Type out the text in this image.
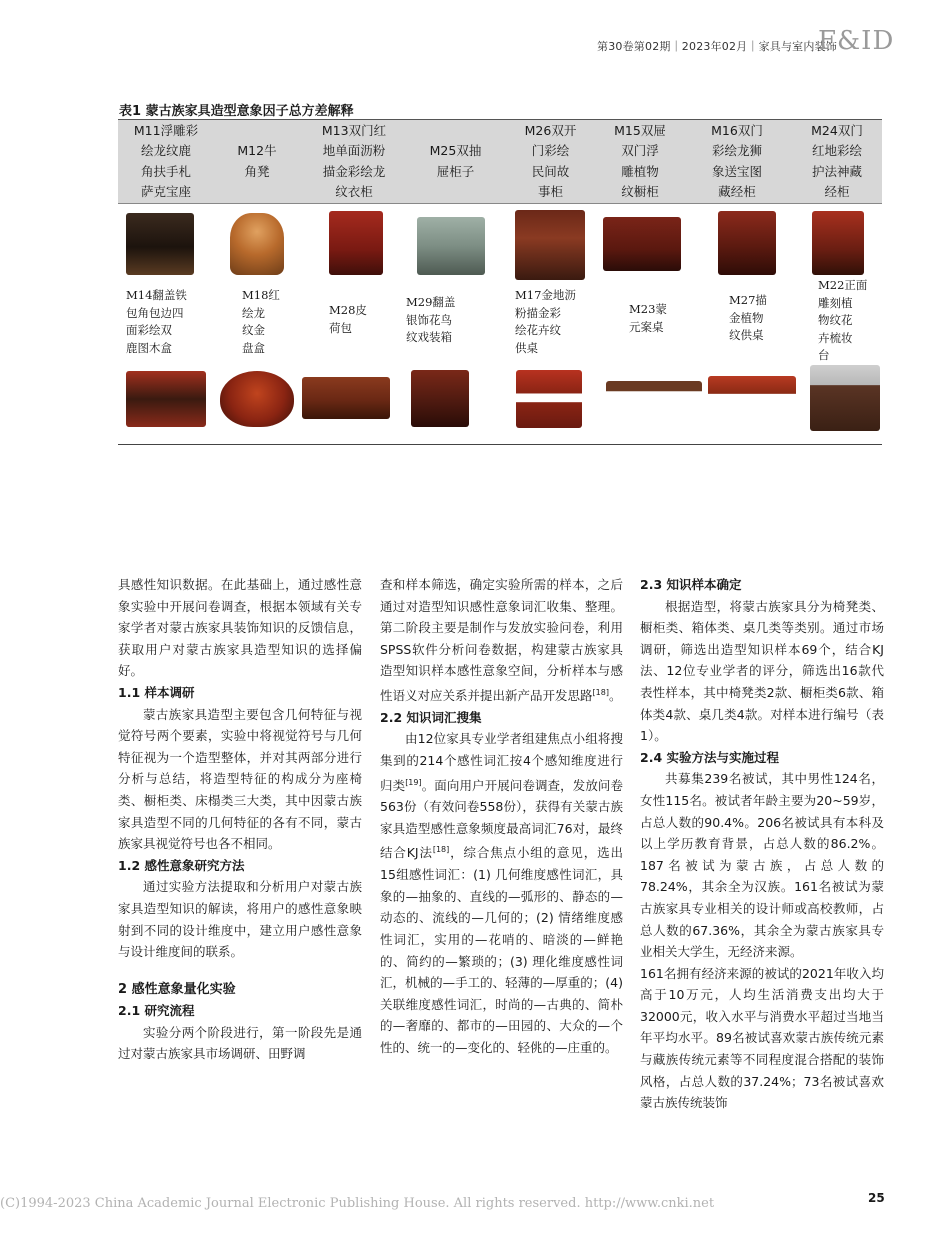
第30卷第02期｜2023年02月｜家具与室内装饰
F&ID
表1 蒙古族家具造型意象因子总方差解释
M11浮雕彩
绘龙纹鹿
角扶手札
萨克宝座
M12牛
角凳
M13双门红
地单面沥粉
描金彩绘龙
纹衣柜
M25双抽
屉柜子
M26双开
门彩绘
民间故
事柜
M15双屉
双门浮
雕植物
纹橱柜
M16双门
彩绘龙狮
象送宝图
藏经柜
M24双门
红地彩绘
护法神藏
经柜
M14翻盖铁
包角包边四
面彩绘双
鹿图木盒
M18红
绘龙
纹金
盘盒
M28皮
荷包
M29翻盖
银饰花鸟
纹戏装箱
M17金地沥
粉描金彩
绘花卉纹
供桌
M23蒙
元案桌
M27描
金植物
纹供桌
M22正面
雕刻植
物纹花
卉梳妆
台

具感性知识数据。在此基础上，通过感性意象实验中开展问卷调查，根据本领域有关专家学者对蒙古族家具装饰知识的反馈信息，获取用户对蒙古族家具造型知识的选择偏好。

1.1 样本调研

蒙古族家具造型主要包含几何特征与视觉符号两个要素，实验中将视觉符号与几何特征视为一个造型整体，并对其两部分进行分析与总结，将造型特征的构成分为座椅类、橱柜类、床榻类三大类，其中因蒙古族家具造型不同的几何特征的各有不同，蒙古族家具视觉符号也各不相同。

1.2 感性意象研究方法

通过实验方法提取和分析用户对蒙古族家具造型知识的解读，将用户的感性意象映射到不同的设计维度中，建立用户感性意象与设计维度间的联系。

2 感性意象量化实验
2.1 研究流程

实验分两个阶段进行，第一阶段先是通过对蒙古族家具市场调研、田野调

查和样本筛选，确定实验所需的样本，之后通过对造型知识感性意象词汇收集、整理。第二阶段主要是制作与发放实验问卷，利用SPSS软件分析问卷数据，构建蒙古族家具造型知识样本感性意象空间，分析样本与感性语义对应关系并提出新产品开发思路[18]。

2.2 知识词汇搜集

由12位家具专业学者组建焦点小组将搜集到的214个感性词汇按4个感知维度进行归类[19]。面向用户开展问卷调查，发放问卷563份（有效问卷558份），获得有关蒙古族家具造型感性意象频度最高词汇76对，最终结合KJ法[18]，综合焦点小组的意见，选出15组感性词汇：(1) 几何维度感性词汇，具象的—抽象的、直线的—弧形的、静态的—动态的、流线的—几何的；(2) 情绪维度感性词汇，实用的—花哨的、暗淡的—鲜艳的、简约的—繁琐的；(3) 理化维度感性词汇，机械的—手工的、轻薄的—厚重的；(4) 关联维度感性词汇，时尚的—古典的、简朴的—奢靡的、都市的—田园的、大众的—个性的、统一的—变化的、轻佻的—庄重的。

2.3 知识样本确定

根据造型，将蒙古族家具分为椅凳类、橱柜类、箱体类、桌几类等类别。通过市场调研，筛选出造型知识样本69个，结合KJ法、12位专业学者的评分，筛选出16款代表性样本，其中椅凳类2款、橱柜类6款、箱体类4款、桌几类4款。对样本进行编号（表1）。

2.4 实验方法与实施过程

共募集239名被试，其中男性124名，女性115名。被试者年龄主要为20~59岁，占总人数的90.4%。206名被试具有本科及以上学历教育背景，占总人数的86.2%。187名被试为蒙古族，占总人数的78.24%，其余全为汉族。161名被试为蒙古族家具专业相关的设计师或高校教师，占总人数的67.36%，其余全为蒙古族家具专业相关大学生，无经济来源。

161名拥有经济来源的被试的2021年收入均高于10万元，人均生活消费支出均大于32000元，收入水平与消费水平超过当地当年平均水平。89名被试喜欢蒙古族传统元素与藏族传统元素等不同程度混合搭配的装饰风格，占总人数的37.24%；73名被试喜欢蒙古族传统装饰

(C)1994-2023 China Academic Journal Electronic Publishing House. All rights reserved. http://www.cnki.net	25
